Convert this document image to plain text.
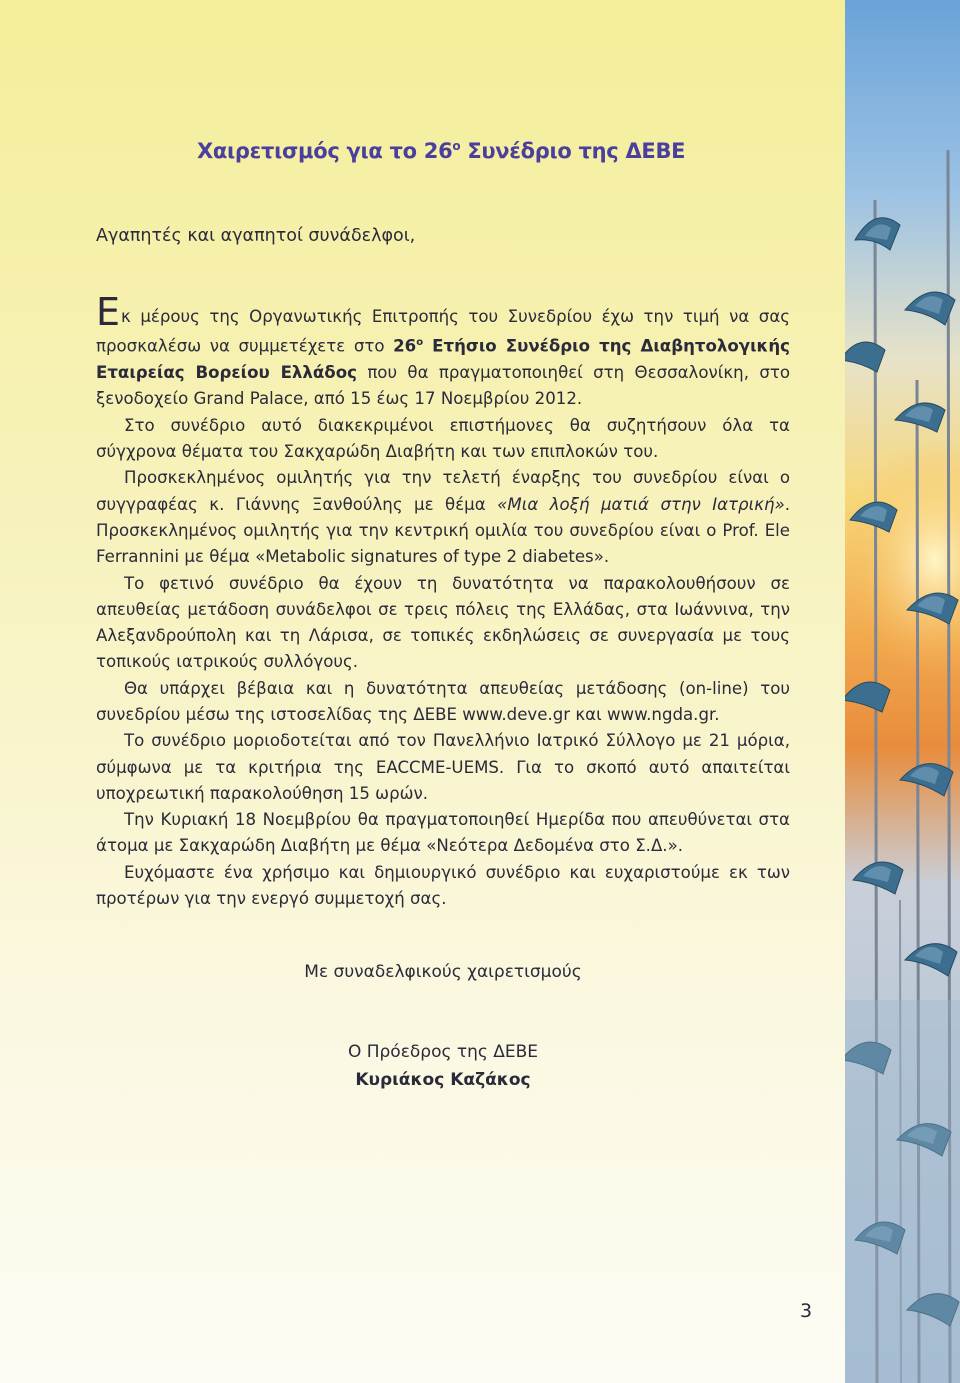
Χαιρετισμός για το $26^o$ Συνέδριο της ΔΕΒΕ
Αγαπητές και αγαπητοί συνάδελφοι,

Εκ μέρους της Οργανωτικής Επιτροπής του Συνεδρίου έχω την τιμή να σας προσκαλέσω να συμμετέχετε στο $26^o$ Ετήσιο Συνέδριο της Διαβητολογικής Εταιρείας Βορείου Ελλάδος που θα πραγματοποιηθεί στη Θεσσαλονίκη, στο ξενοδοχείο Grand Palace, από 15 έως 17 Νοεμβρίου 2012.

Στο συνέδριο αυτό διακεκριμένοι επιστήμονες θα συζητήσουν όλα τα σύγχρονα θέματα του Σακχαρώδη Διαβήτη και των επιπλοκών του.

Προσκεκλημένος ομιλητής για την τελετή έναρξης του συνεδρίου είναι ο συγγραφέας κ. Γιάννης Ξανθούλης με θέμα «Μια λοξή ματιά στην Ιατρική». Προσκεκλημένος ομιλητής για την κεντρική ομιλία του συνεδρίου είναι ο Prof. Ele Ferrannini με θέμα «Metabolic signatures of type 2 diabetes».

Το φετινό συνέδριο θα έχουν τη δυνατότητα να παρακολουθήσουν σε απευθείας μετάδοση συνάδελφοι σε τρεις πόλεις της Ελλάδας, στα Ιωάννινα, την Αλεξανδρούπολη και τη Λάρισα, σε τοπικές εκδηλώσεις σε συνεργασία με τους τοπικούς ιατρικούς συλλόγους.

Θα υπάρχει βέβαια και η δυνατότητα απευθείας μετάδοσης (on-line) του συνεδρίου μέσω της ιστοσελίδας της ΔΕΒΕ www.deve.gr και www.ngda.gr.

Το συνέδριο μοριοδοτείται από τον Πανελλήνιο Ιατρικό Σύλλογο με 21 μόρια, σύμφωνα με τα κριτήρια της EACCME-UEMS. Για το σκοπό αυτό απαιτείται υποχρεωτική παρακολούθηση 15 ωρών.

Την Κυριακή 18 Νοεμβρίου θα πραγματοποιηθεί Ημερίδα που απευθύνεται στα άτομα με Σακχαρώδη Διαβήτη με θέμα «Νεότερα Δεδομένα στο Σ.Δ.».

Ευχόμαστε ένα χρήσιμο και δημιουργικό συνέδριο και ευχαριστούμε εκ των προτέρων για την ενεργό συμμετοχή σας.

Με συναδελφικούς χαιρετισμούς
Ο Πρόεδρος της ΔΕΒΕ
Κυριάκος Καζάκος
3
